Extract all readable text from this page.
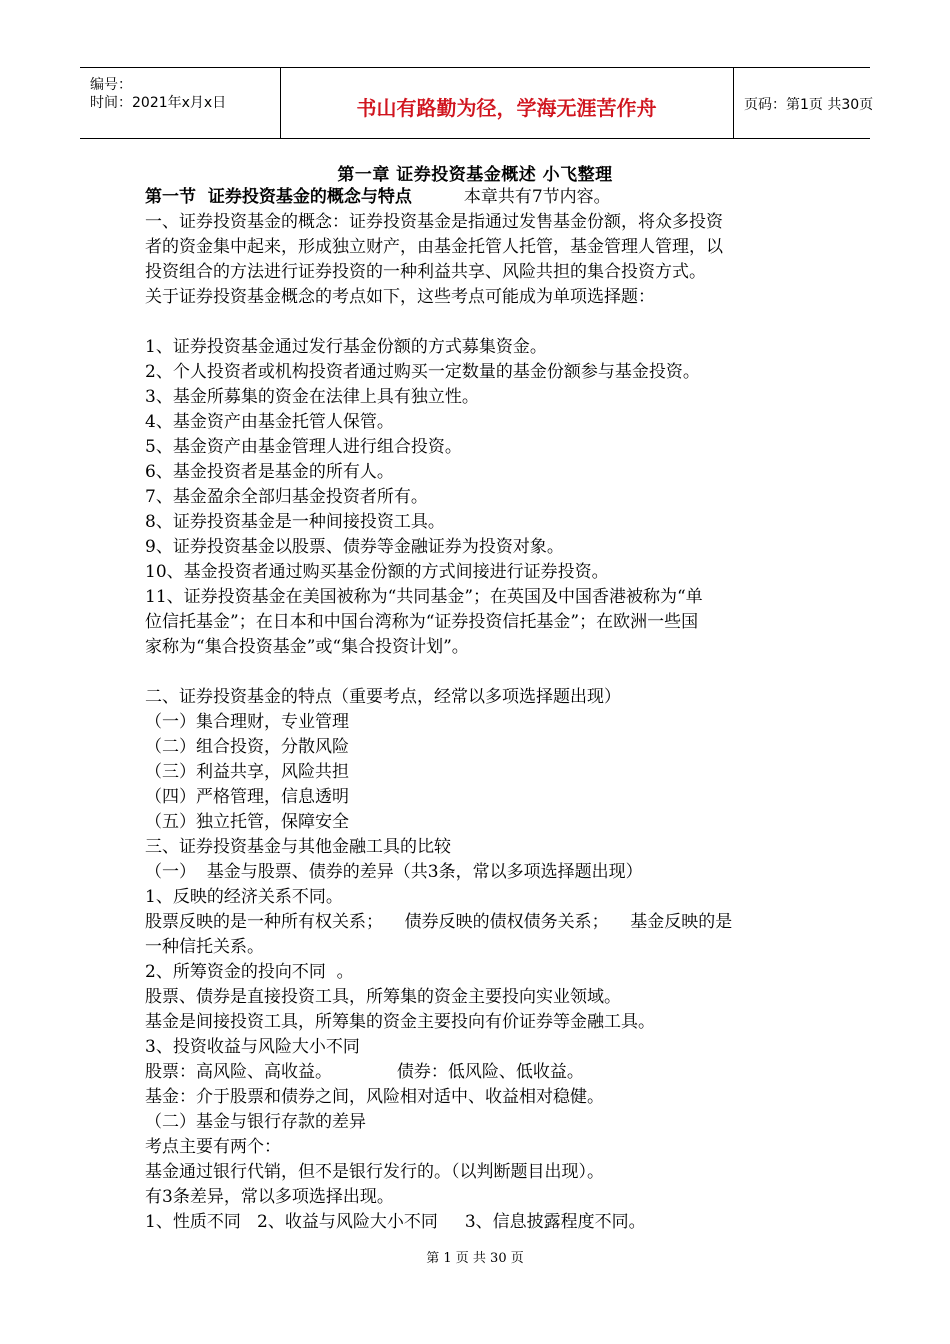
编号：
时间：2021年x月x日	书山有路勤为径，学海无涯苦作舟	页码：第1页 共30页
第一章 证券投资基金概述 小飞整理
第一节  证券投资基金的概念与特点	本章共有7节内容。
一、证券投资基金的概念：证券投资基金是指通过发售基金份额，将众多投资
者的资金集中起来，形成独立财产，由基金托管人托管，基金管理人管理，以
投资组合的方法进行证券投资的一种利益共享、风险共担的集合投资方式。
关于证券投资基金概念的考点如下，这些考点可能成为单项选择题：
1、证券投资基金通过发行基金份额的方式募集资金。
2、个人投资者或机构投资者通过购买一定数量的基金份额参与基金投资。
3、基金所募集的资金在法律上具有独立性。
4、基金资产由基金托管人保管。
5、基金资产由基金管理人进行组合投资。
6、基金投资者是基金的所有人。
7、基金盈余全部归基金投资者所有。
8、证券投资基金是一种间接投资工具。
9、证券投资基金以股票、债券等金融证券为投资对象。
10、基金投资者通过购买基金份额的方式间接进行证券投资。
11、证券投资基金在美国被称为“共同基金”；在英国及中国香港被称为“单
位信托基金”；在日本和中国台湾称为“证券投资信托基金”；在欧洲一些国
家称为“集合投资基金”或“集合投资计划”。
二、证券投资基金的特点（重要考点，经常以多项选择题出现）
（一）集合理财，专业管理
（二）组合投资，分散风险
（三）利益共享，风险共担
（四）严格管理，信息透明
（五）独立托管，保障安全
三、证券投资基金与其他金融工具的比较
（一）  基金与股票、债券的差异（共3条，常以多项选择题出现）
1、反映的经济关系不同。
股票反映的是一种所有权关系；    债券反映的债权债务关系；    基金反映的是
一种信托关系。
2、所筹资金的投向不同  。
股票、债券是直接投资工具，所筹集的资金主要投向实业领域。
基金是间接投资工具，所筹集的资金主要投向有价证券等金融工具。
3、投资收益与风险大小不同
股票：高风险、高收益。            债券：低风险、低收益。
基金：介于股票和债券之间，风险相对适中、收益相对稳健。
（二）基金与银行存款的差异
考点主要有两个：
基金通过银行代销，但不是银行发行的。（以判断题目出现）。
有3条差异，常以多项选择出现。
1、性质不同   2、收益与风险大小不同     3、信息披露程度不同。
第 1 页 共 30 页
